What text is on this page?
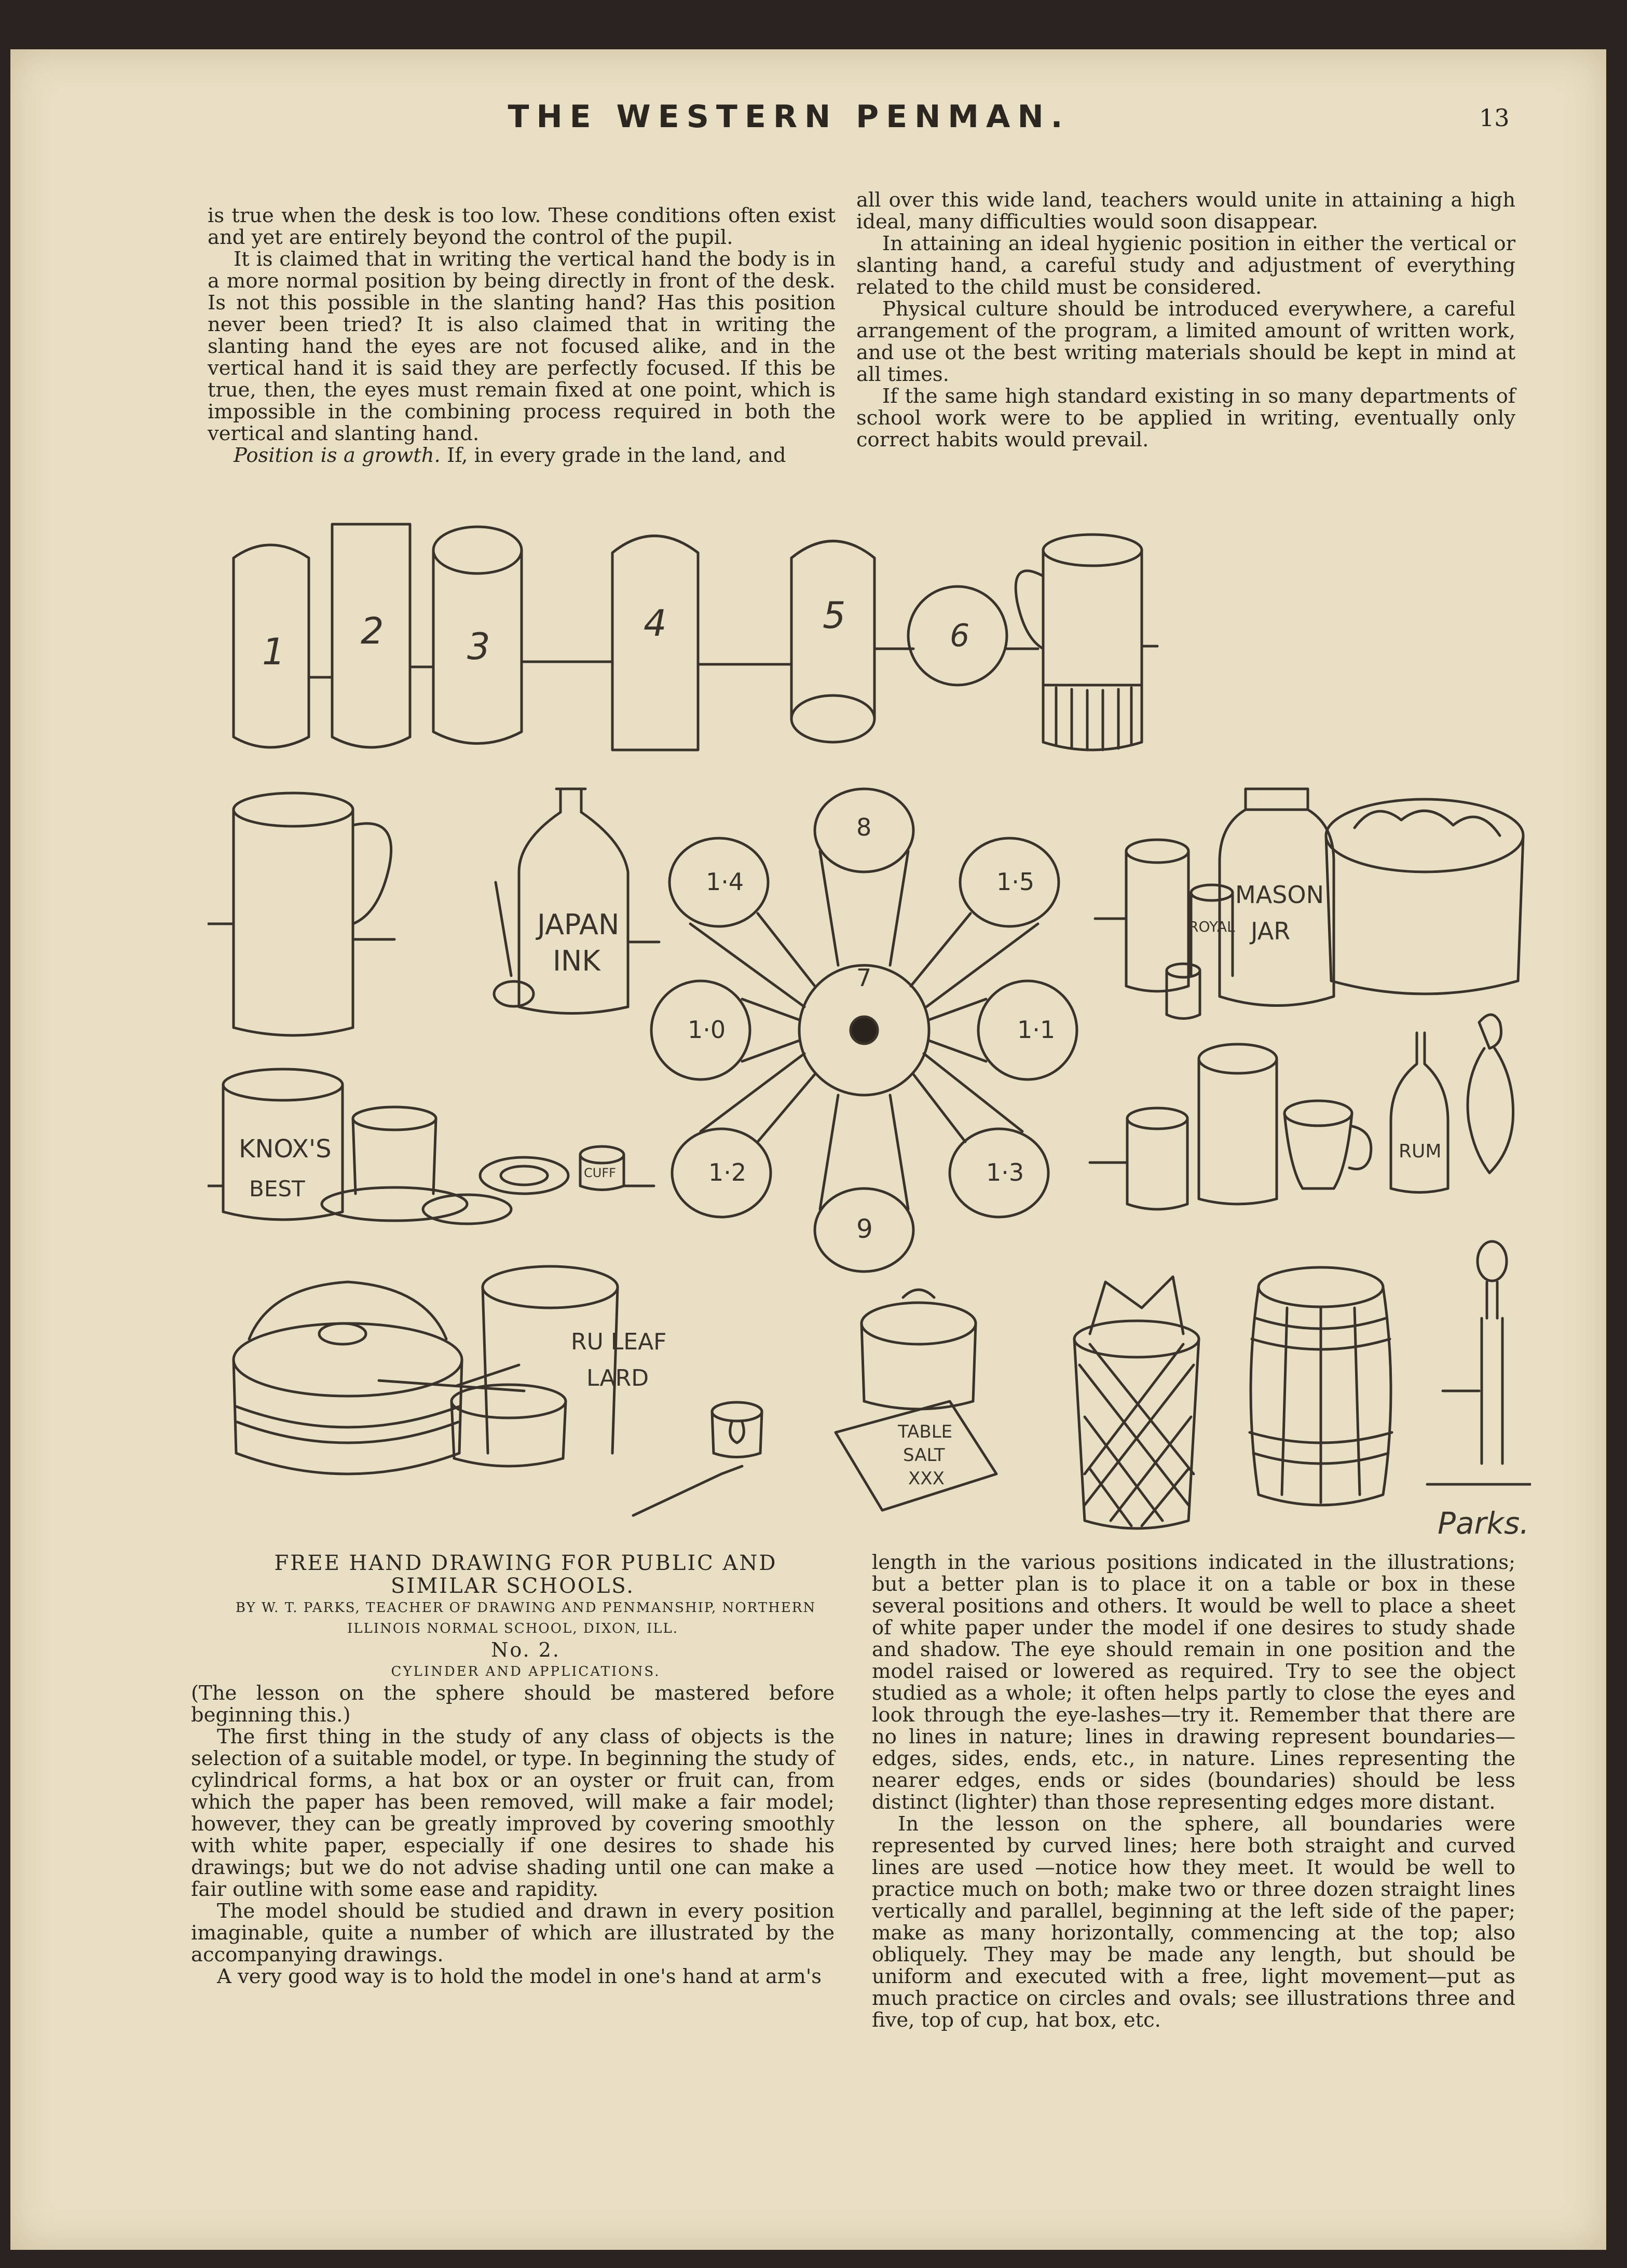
THE WESTERN PENMAN.	13

is true when the desk is too low. These conditions often exist and yet are entirely beyond the control of the pupil.

It is claimed that in writing the vertical hand the body is in a more normal position by being directly in front of the desk. Is not this possible in the slanting hand? Has this position never been tried? It is also claimed that in writing the slanting hand the eyes are not focused alike, and in the vertical hand it is said they are perfectly focused. If this be true, then, the eyes must remain fixed at one point, which is impossible in the combining process required in both the vertical and slanting hand.

Position is a growth. If, in every grade in the land, and

all over this wide land, teachers would unite in attaining a high ideal, many difficulties would soon disappear.

In attaining an ideal hygienic position in either the vertical or slanting hand, a careful study and adjustment of everything related to the child must be considered.

Physical culture should be introduced everywhere, a careful arrangement of the program, a limited amount of written work, and use ot the best writing materials should be kept in mind at all times.

If the same high standard existing in so many departments of school work were to be applied in writing, eventually only correct habits would prevail.

1 2 3
4	5	6
JAPAN
INK
8
1·5
1·1
1·3
9
1·2
1·0
1·4
7
ROYAL
MASON
JAR
KNOX'S
BEST
CUFF
RUM
RU LEAF
LARD
TABLE
SALT
XXX
Parks.

FREE HAND DRAWING FOR PUBLIC AND SIMILAR SCHOOLS.

BY W. T. PARKS, TEACHER OF DRAWING AND PENMANSHIP, NORTHERN ILLINOIS NORMAL SCHOOL, DIXON, ILL.

No. 2.

CYLINDER AND APPLICATIONS.

(The lesson on the sphere should be mastered before beginning this.)

The first thing in the study of any class of objects is the selection of a suitable model, or type. In beginning the study of cylindrical forms, a hat box or an oyster or fruit can, from which the paper has been removed, will make a fair model; however, they can be greatly improved by covering smoothly with white paper, especially if one desires to shade his drawings; but we do not advise shading until one can make a fair outline with some ease and rapidity.

The model should be studied and drawn in every position imaginable, quite a number of which are illustrated by the accompanying drawings.

A very good way is to hold the model in one's hand at arm's

length in the various positions indicated in the illustrations; but a better plan is to place it on a table or box in these several positions and others. It would be well to place a sheet of white paper under the model if one desires to study shade and shadow. The eye should remain in one position and the model raised or lowered as required. Try to see the object studied as a whole; it often helps partly to close the eyes and look through the eye-lashes—try it. Remember that there are no lines in nature; lines in drawing represent boundaries—edges, sides, ends, etc., in nature. Lines representing the nearer edges, ends or sides (boundaries) should be less distinct (lighter) than those representing edges more distant.

In the lesson on the sphere, all boundaries were represented by curved lines; here both straight and curved lines are used —notice how they meet. It would be well to practice much on both; make two or three dozen straight lines vertically and parallel, beginning at the left side of the paper; make as many horizontally, commencing at the top; also obliquely. They may be made any length, but should be uniform and executed with a free, light movement—put as much practice on circles and ovals; see illustrations three and five, top of cup, hat box, etc.
